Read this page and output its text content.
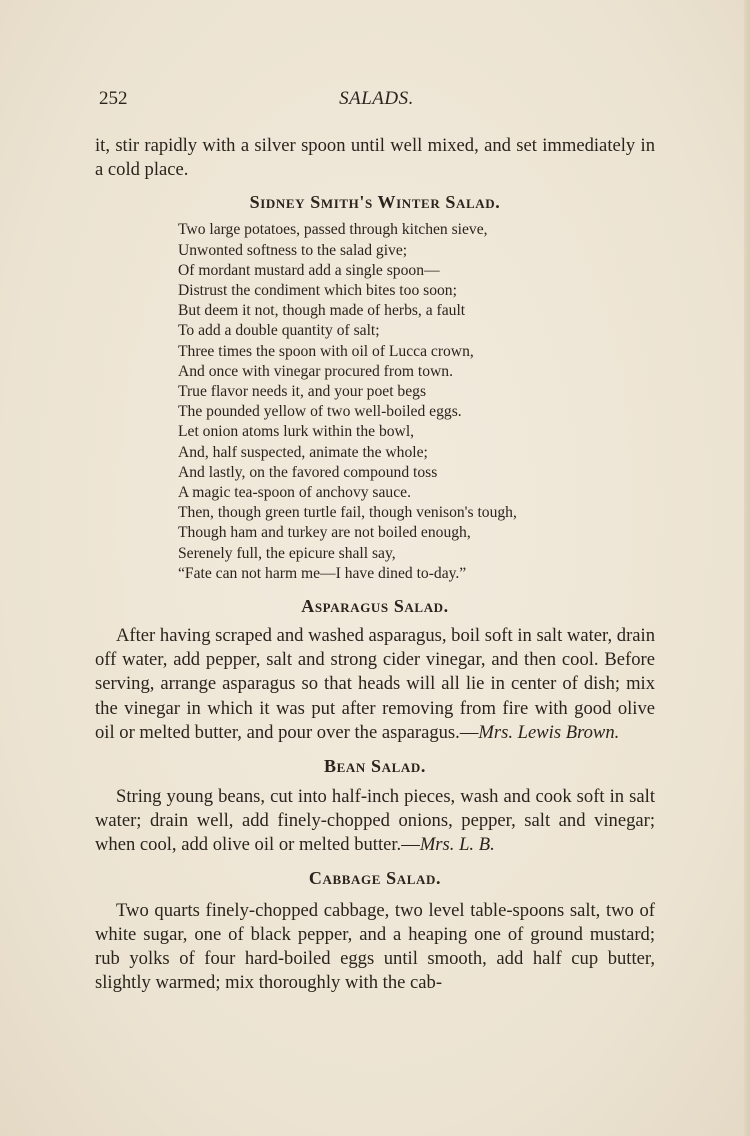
252	SALADS.

it, stir rapidly with a silver spoon until well mixed, and set immediately in a cold place.

Sidney Smith's Winter Salad.
Two large potatoes, passed through kitchen sieve,
Unwonted softness to the salad give;
Of mordant mustard add a single spoon—
Distrust the condiment which bites too soon;
But deem it not, though made of herbs, a fault
To add a double quantity of salt;
Three times the spoon with oil of Lucca crown,
And once with vinegar procured from town.
True flavor needs it, and your poet begs
The pounded yellow of two well-boiled eggs.
Let onion atoms lurk within the bowl,
And, half suspected, animate the whole;
And lastly, on the favored compound toss
A magic tea-spoon of anchovy sauce.
Then, though green turtle fail, though venison's tough,
Though ham and turkey are not boiled enough,
Serenely full, the epicure shall say,
“Fate can not harm me—I have dined to-day.”
Asparagus Salad.

After having scraped and washed asparagus, boil soft in salt water, drain off water, add pepper, salt and strong cider vinegar, and then cool. Before serving, arrange asparagus so that heads will all lie in center of dish; mix the vinegar in which it was put after removing from fire with good olive oil or melted butter, and pour over the asparagus.—Mrs. Lewis Brown.

Bean Salad.

String young beans, cut into half-inch pieces, wash and cook soft in salt water; drain well, add finely-chopped onions, pepper, salt and vinegar; when cool, add olive oil or melted butter.—Mrs. L. B.

Cabbage Salad.

Two quarts finely-chopped cabbage, two level table-spoons salt, two of white sugar, one of black pepper, and a heaping one of ground mustard; rub yolks of four hard-boiled eggs until smooth, add half cup butter, slightly warmed; mix thoroughly with the cab-
